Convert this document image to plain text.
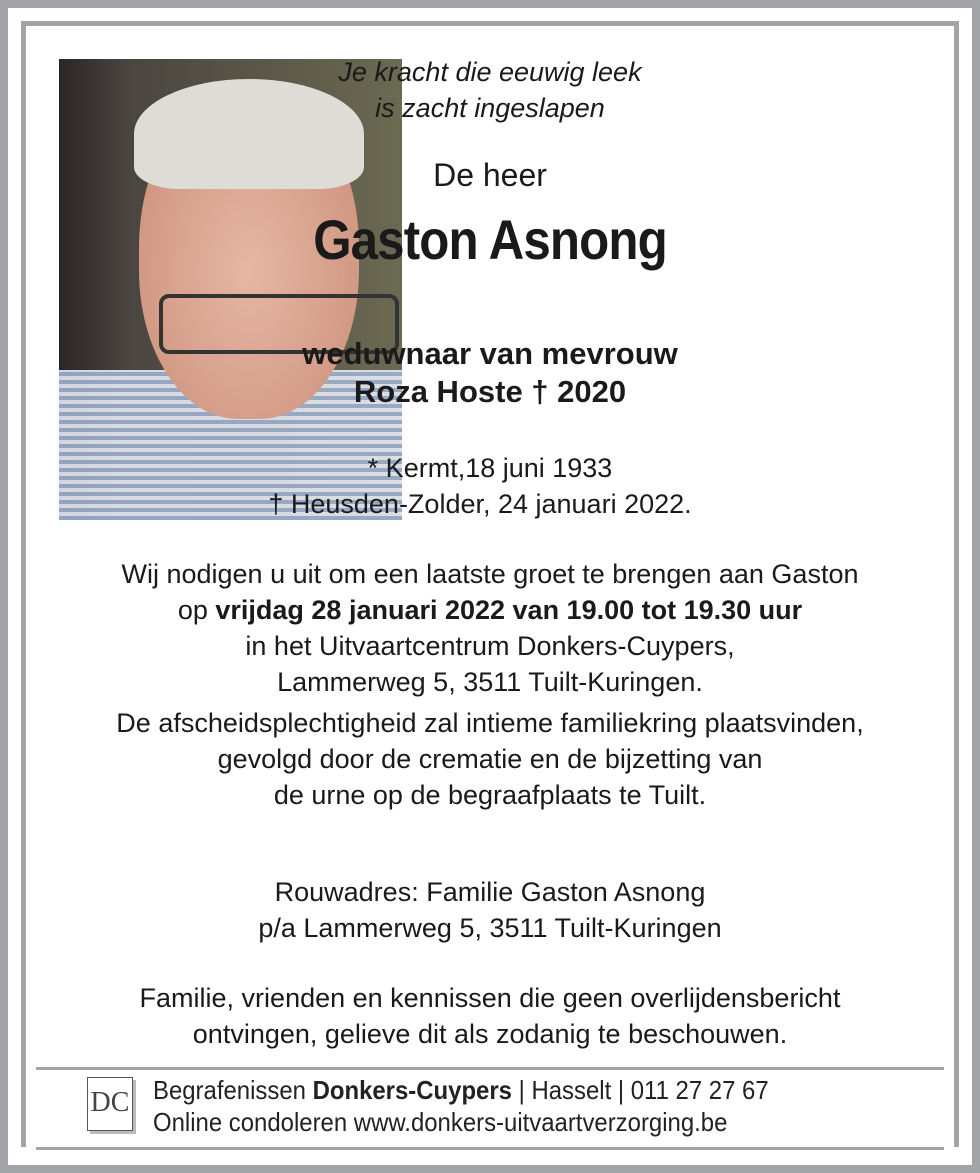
Je kracht die eeuwig leek
is zacht ingeslapen
De heer
Gaston Asnong
weduwnaar van mevrouw
Roza Hoste † 2020
* Kermt,18 juni 1933
† Heusden-Zolder, 24 januari 2022.
Wij nodigen u uit om een laatste groet te brengen aan Gaston
op vrijdag 28 januari 2022 van 19.00 tot 19.30 uur
in het Uitvaartcentrum Donkers-Cuypers,
Lammerweg 5, 3511 Tuilt-Kuringen.
De afscheidsplechtigheid zal intieme familiekring plaatsvinden,
gevolgd door de crematie en de bijzetting van
de urne op de begraafplaats te Tuilt.
Rouwadres: Familie Gaston Asnong
p/a Lammerweg 5, 3511 Tuilt-Kuringen
Familie, vrienden en kennissen die geen overlijdensbericht
ontvingen, gelieve dit als zodanig te beschouwen.
DC Begrafenissen Donkers-Cuypers | Hasselt | 011 27 27 67
Online condoleren www.donkers-uitvaartverzorging.be
